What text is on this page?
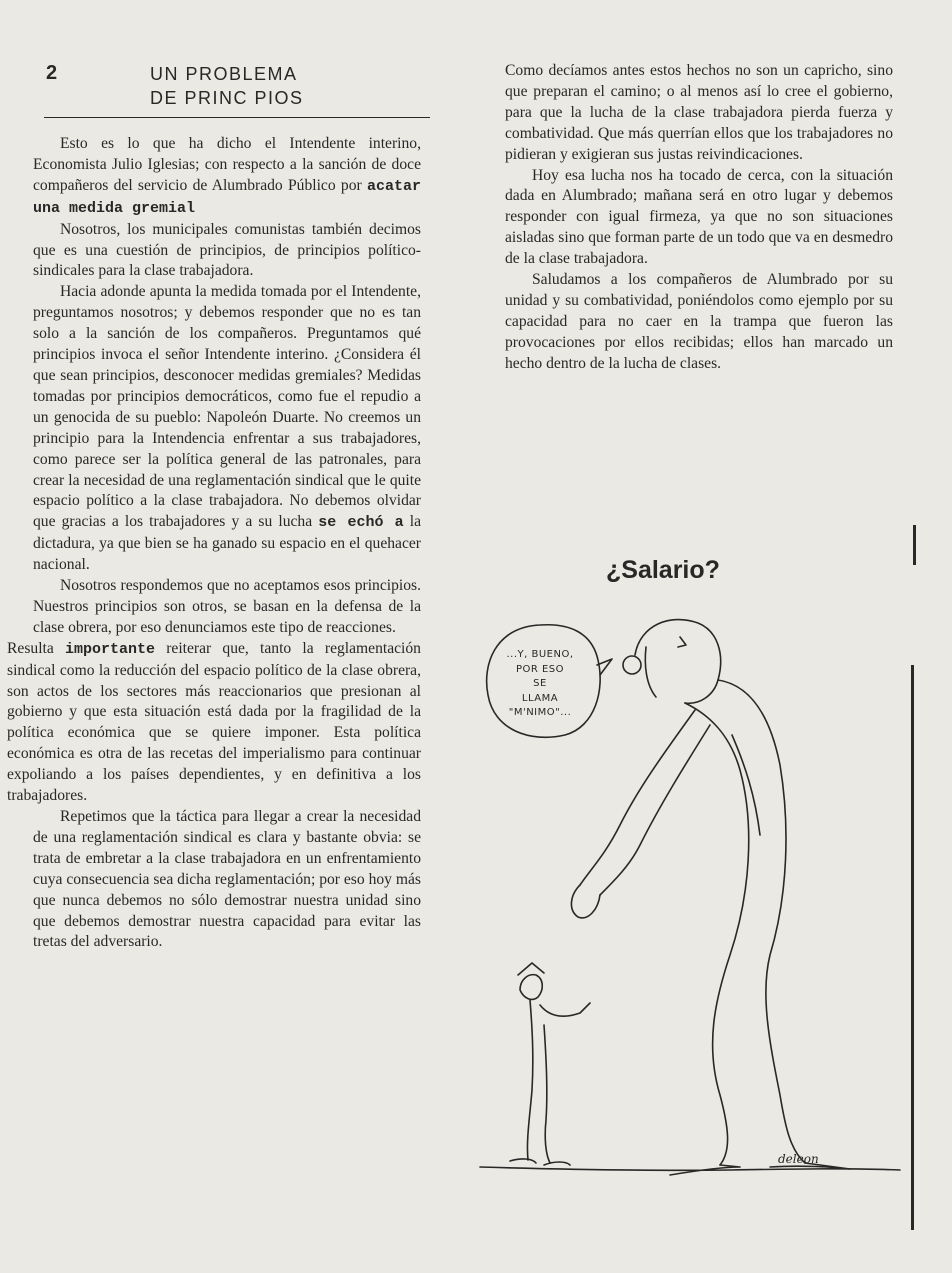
2	UN PROBLEMA
DE PRINC PIOS

Esto es lo que ha dicho el Intendente interino, Economista Julio Iglesias; con respecto a la sanción de doce compañeros del servicio de Alumbrado Público por acatar una medida gremial

Nosotros, los municipales comunistas también decimos que es una cuestión de principios, de principios político-sindicales para la clase trabajadora.

Hacia adonde apunta la medida tomada por el Intendente, preguntamos nosotros; y debemos responder que no es tan solo a la sanción de los compañeros. Preguntamos qué principios invoca el señor Intendente interino. ¿Considera él que sean principios, desconocer medidas gremiales? Medidas tomadas por principios democráticos, como fue el repudio a un genocida de su pueblo: Napoleón Duarte. No creemos un principio para la Intendencia enfrentar a sus trabajadores, como parece ser la política general de las patronales, para crear la necesidad de una reglamentación sindical que le quite espacio político a la clase trabajadora. No debemos olvidar que gracias a los trabajadores y a su lucha se echó a la dictadura, ya que bien se ha ganado su espacio en el quehacer nacional.

Nosotros respondemos que no aceptamos esos principios. Nuestros principios son otros, se basan en la defensa de la clase obrera, por eso denunciamos este tipo de reacciones.

Resulta importante reiterar que, tanto la reglamentación sindical como la reducción del espacio político de la clase obrera, son actos de los sectores más reaccionarios que presionan al gobierno y que esta situación está dada por la fragilidad de la política económica que se quiere imponer. Esta política económica es otra de las recetas del imperialismo para continuar expoliando a los países dependientes, y en definitiva a los trabajadores.

Repetimos que la táctica para llegar a crear la necesidad de una reglamentación sindical es clara y bastante obvia: se trata de embretar a la clase trabajadora en un enfrentamiento cuya consecuencia sea dicha reglamentación; por eso hoy más que nunca debemos no sólo demostrar nuestra unidad sino que debemos demostrar nuestra capacidad para evitar las tretas del adversario.

Como decíamos antes estos hechos no son un capricho, sino que preparan el camino; o al menos así lo cree el gobierno, para que la lucha de la clase trabajadora pierda fuerza y combatividad. Que más querrían ellos que los trabajadores no pidieran y exigieran sus justas reivindicaciones.

Hoy esa lucha nos ha tocado de cerca, con la situación dada en Alumbrado; mañana será en otro lugar y debemos responder con igual firmeza, ya que no son situaciones aisladas sino que forman parte de un todo que va en desmedro de la clase trabajadora.

Saludamos a los compañeros de Alumbrado por su unidad y su combatividad, poniéndolos como ejemplo por su capacidad para no caer en la trampa que fueron las provocaciones por ellos recibidas; ellos han marcado un hecho dentro de la lucha de clases.

¿Salario?
...Y, BUENO,
POR ESO
SE
LLAMA
"M'NIMO"...
deleon
